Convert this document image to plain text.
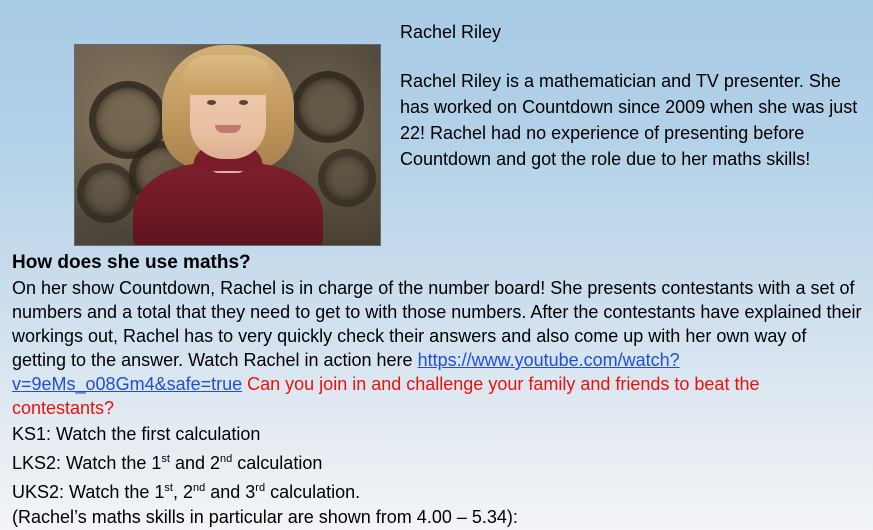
Rachel Riley
Rachel Riley is a mathematician and TV presenter. She has worked on Countdown since 2009 when she was just 22! Rachel had no experience of presenting before Countdown and got the role due to her maths skills!
How does she use maths?
On her show Countdown, Rachel is in charge of the number board! She presents contestants with a set of numbers and a total that they need to get to with those numbers. After the contestants have explained their workings out, Rachel has to very quickly check their answers and also come up with her own way of getting to the answer. Watch Rachel in action here https://www.youtube.com/watch?v=9eMs_o08Gm4&safe=true Can you join in and challenge your family and friends to beat the contestants?
KS1: Watch the first calculation
LKS2: Watch the 1st and 2nd calculation
UKS2: Watch the 1st, 2nd and 3rd calculation.
(Rachel’s maths skills in particular are shown from 4.00 – 5.34):
